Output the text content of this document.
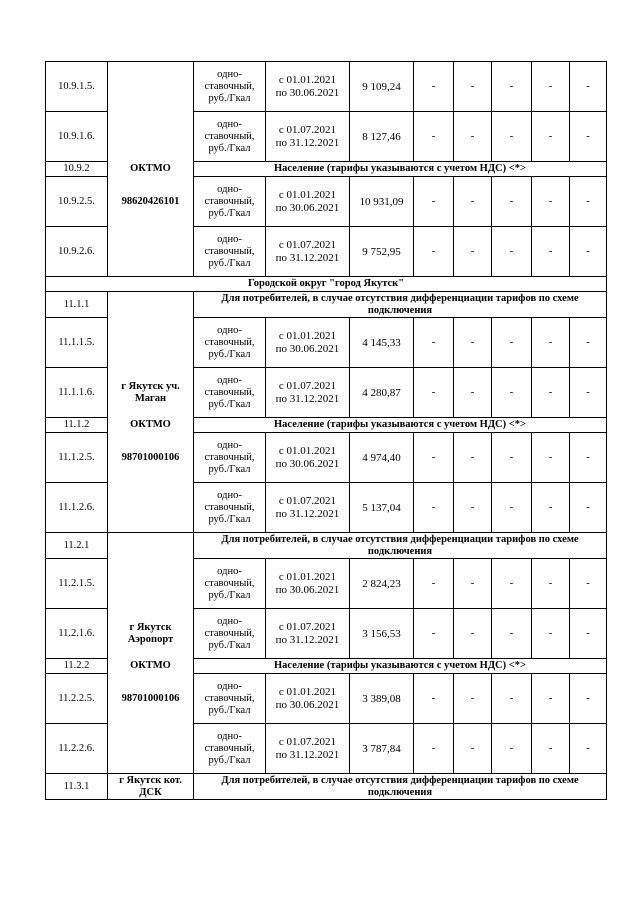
10.9.1.5.		одно-
ставочный,
руб./Гкал	с 01.01.2021
по 30.06.2021	9 109,24	-	-	-	-	-
10.9.1.6.		одно-
ставочный,
руб./Гкал	с 01.07.2021
по 31.12.2021	8 127,46	-	-	-	-	-
10.9.2	ОКТМО	Население (тарифы указываются с учетом НДС) <*>							
10.9.2.5.	98620426101	одно-
ставочный,
руб./Гкал	с 01.01.2021
по 30.06.2021	10 931,09	-	-	-	-	-
10.9.2.6.		одно-
ставочный,
руб./Гкал	с 01.07.2021
по 31.12.2021	9 752,95	-	-	-	-	-
Городской округ "город Якутск"									
11.1.1		Для потребителей, в случае отсутствия дифференциации тарифов по схеме подключения							
11.1.1.5.		одно-
ставочный,
руб./Гкал	с 01.01.2021
по 30.06.2021	4 145,33	-	-	-	-	-
11.1.1.6.	г Якутск уч.
Маган	одно-
ставочный,
руб./Гкал	с 01.07.2021
по 31.12.2021	4 280,87	-	-	-	-	-
11.1.2	ОКТМО	Население (тарифы указываются с учетом НДС) <*>							
11.1.2.5.	98701000106	одно-
ставочный,
руб./Гкал	с 01.01.2021
по 30.06.2021	4 974,40	-	-	-	-	-
11.1.2.6.		одно-
ставочный,
руб./Гкал	с 01.07.2021
по 31.12.2021	5 137,04	-	-	-	-	-
11.2.1		Для потребителей, в случае отсутствия дифференциации тарифов по схеме подключения							
11.2.1.5.		одно-
ставочный,
руб./Гкал	с 01.01.2021
по 30.06.2021	2 824,23	-	-	-	-	-
11.2.1.6.	г Якутск
Аэропорт	одно-
ставочный,
руб./Гкал	с 01.07.2021
по 31.12.2021	3 156,53	-	-	-	-	-
11.2.2	ОКТМО	Население (тарифы указываются с учетом НДС) <*>							
11.2.2.5.	98701000106	одно-
ставочный,
руб./Гкал	с 01.01.2021
по 30.06.2021	3 389,08	-	-	-	-	-
11.2.2.6.		одно-
ставочный,
руб./Гкал	с 01.07.2021
по 31.12.2021	3 787,84	-	-	-	-	-
11.3.1	г Якутск кот.
ДСК	Для потребителей, в случае отсутствия дифференциации тарифов по схеме подключения							
